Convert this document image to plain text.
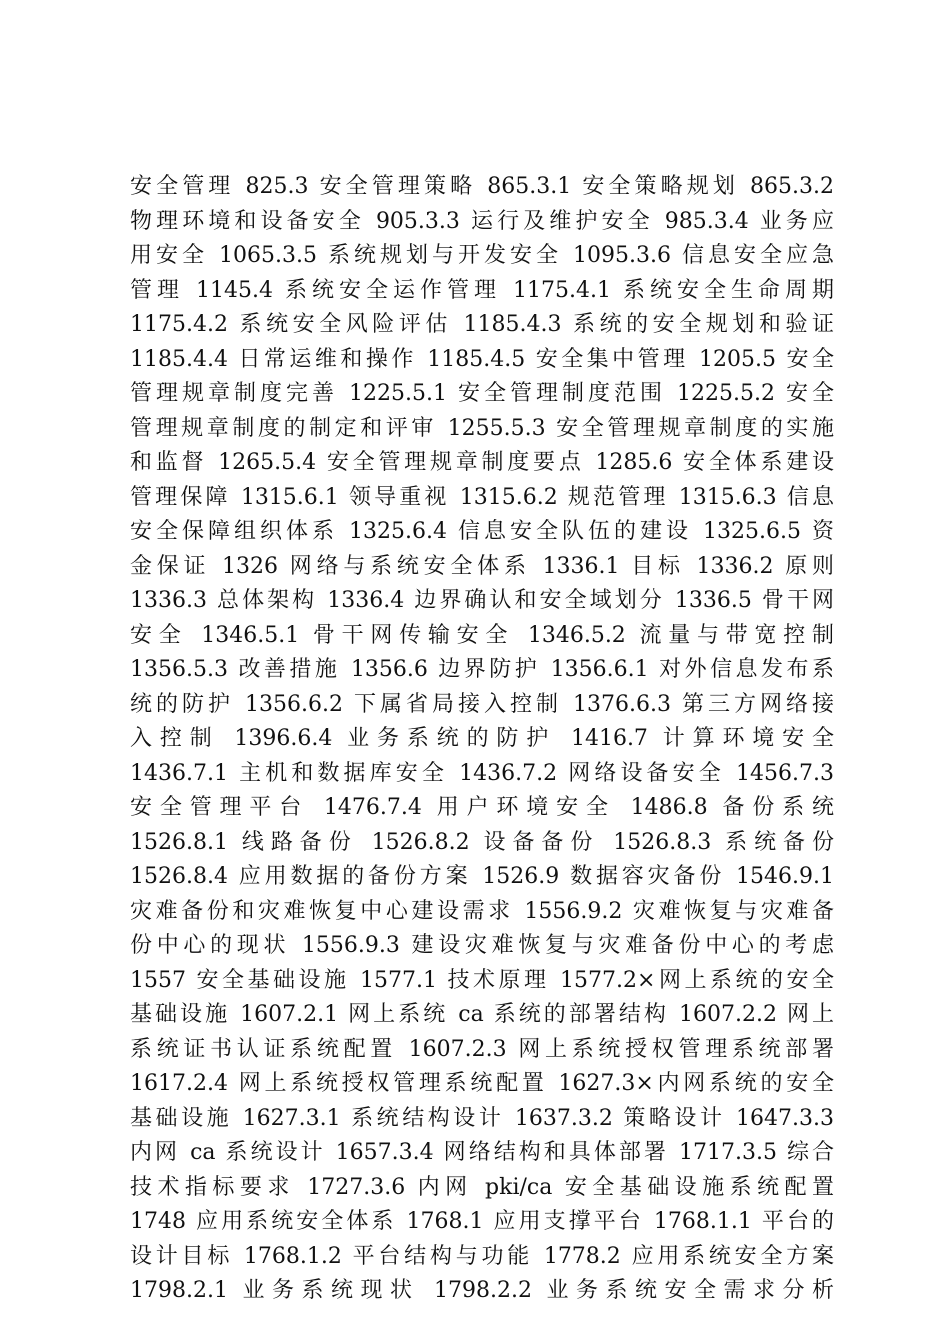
安全管理 825.3 安全管理策略 865.3.1 安全策略规划 865.3.2
物理环境和设备安全 905.3.3 运行及维护安全 985.3.4 业务应
用安全 1065.3.5 系统规划与开发安全 1095.3.6 信息安全应急
管理 1145.4 系统安全运作管理 1175.4.1 系统安全生命周期
1175.4.2 系统安全风险评估 1185.4.3 系统的安全规划和验证
1185.4.4 日常运维和操作 1185.4.5 安全集中管理 1205.5 安全
管理规章制度完善 1225.5.1 安全管理制度范围 1225.5.2 安全
管理规章制度的制定和评审 1255.5.3 安全管理规章制度的实施
和监督 1265.5.4 安全管理规章制度要点 1285.6 安全体系建设
管理保障 1315.6.1 领导重视 1315.6.2 规范管理 1315.6.3 信息
安全保障组织体系 1325.6.4 信息安全队伍的建设 1325.6.5 资
金保证 1326 网络与系统安全体系 1336.1 目标 1336.2 原则
1336.3 总体架构 1336.4 边界确认和安全域划分 1336.5 骨干网
安全 1346.5.1 骨干网传输安全 1346.5.2 流量与带宽控制
1356.5.3 改善措施 1356.6 边界防护 1356.6.1 对外信息发布系
统的防护 1356.6.2 下属省局接入控制 1376.6.3 第三方网络接
入控制 1396.6.4 业务系统的防护 1416.7 计算环境安全
1436.7.1 主机和数据库安全 1436.7.2 网络设备安全 1456.7.3
安全管理平台 1476.7.4 用户环境安全 1486.8 备份系统
1526.8.1 线路备份 1526.8.2 设备备份 1526.8.3 系统备份
1526.8.4 应用数据的备份方案 1526.9 数据容灾备份 1546.9.1
灾难备份和灾难恢复中心建设需求 1556.9.2 灾难恢复与灾难备
份中心的现状 1556.9.3 建设灾难恢复与灾难备份中心的考虑
1557 安全基础设施 1577.1 技术原理 1577.2×网上系统的安全
基础设施 1607.2.1 网上系统 ca 系统的部署结构 1607.2.2 网上
系统证书认证系统配置 1607.2.3 网上系统授权管理系统部署
1617.2.4 网上系统授权管理系统配置 1627.3×内网系统的安全
基础设施 1627.3.1 系统结构设计 1637.3.2 策略设计 1647.3.3
内网 ca 系统设计 1657.3.4 网络结构和具体部署 1717.3.5 综合
技术指标要求 1727.3.6 内网 pki/ca 安全基础设施系统配置
1748 应用系统安全体系 1768.1 应用支撑平台 1768.1.1 平台的
设计目标 1768.1.2 平台结构与功能 1778.2 应用系统安全方案
1798.2.1 业务系统现状 1798.2.2 业务系统安全需求分析
